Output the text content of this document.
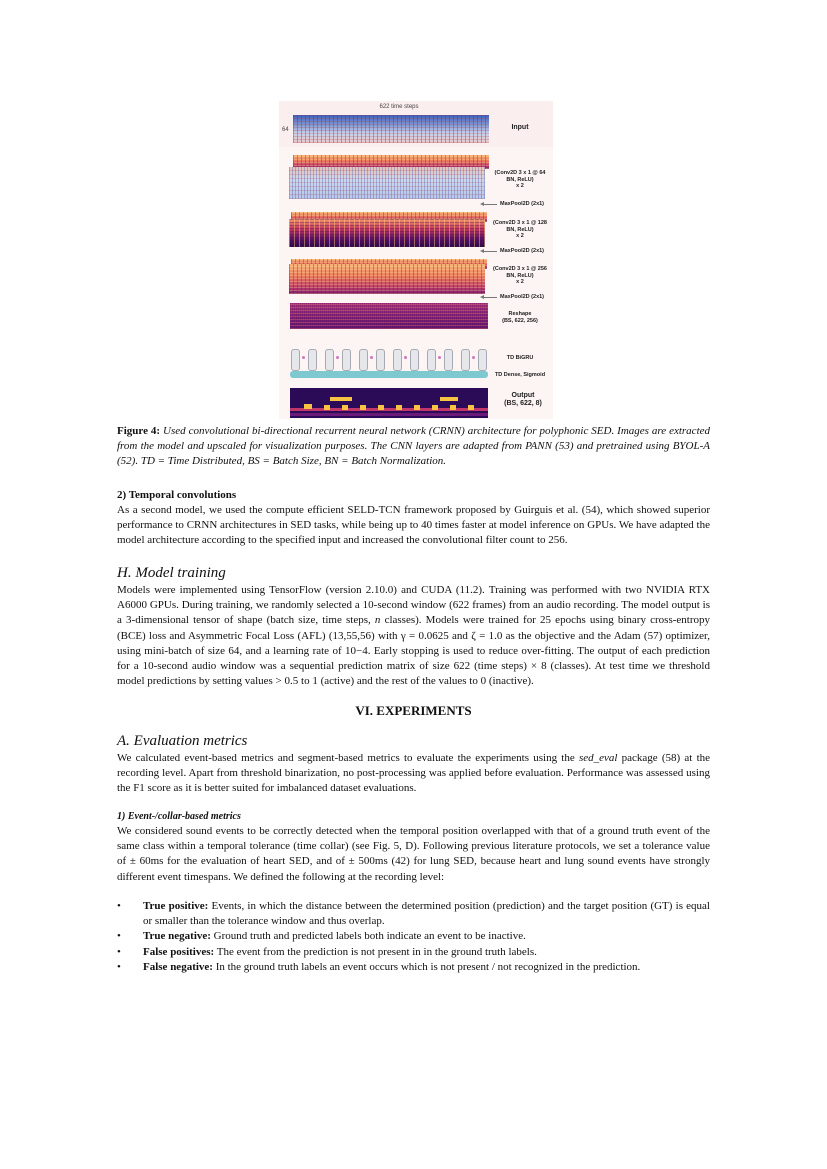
622 time steps
64	Input
(Conv2D 3 x 1 @ 64
BN, ReLU)
x 2
MaxPool2D (2x1)
(Conv2D 3 x 1 @ 128
BN, ReLU)
x 2
MaxPool2D (2x1)
(Conv2D 3 x 1 @ 256
BN, ReLU)
x 2
MaxPool2D (2x1)
Reshape
(BS, 622, 256)
TD BiGRU
TD Dense, Sigmoid
Output
(BS, 622, 8)
Figure 4: Used convolutional bi-directional recurrent neural network (CRNN) architecture for polyphonic SED. Images are extracted from the model and upscaled for visualization purposes. The CNN layers are adapted from PANN (53) and pretrained using BYOL-A (52). TD = Time Distributed, BS = Batch Size, BN = Batch Normalization.
2) Temporal convolutions
As a second model, we used the compute efficient SELD-TCN framework proposed by Guirguis et al. (54), which showed superior performance to CRNN architectures in SED tasks, while being up to 40 times faster at model inference on GPUs. We have adapted the model architecture according to the specified input and increased the convolutional filter count to 256.
H. Model training
Models were implemented using TensorFlow (version 2.10.0) and CUDA (11.2). Training was performed with two NVIDIA RTX A6000 GPUs. During training, we randomly selected a 10-second window (622 frames) from an audio recording. The model output is a 3-dimensional tensor of shape (batch size, time steps, n classes). Models were trained for 25 epochs using binary cross-entropy (BCE) loss and Asymmetric Focal Loss (AFL) (13,55,56) with γ = 0.0625 and ζ = 1.0 as the objective and the Adam (57) optimizer, using mini-batch of size 64, and a learning rate of 10−4. Early stopping is used to reduce over-fitting. The output of each prediction for a 10-second audio window was a sequential prediction matrix of size 622 (time steps) × 8 (classes). At test time we threshold model predictions by setting values > 0.5 to 1 (active) and the rest of the values to 0 (inactive).
VI. EXPERIMENTS
A. Evaluation metrics
We calculated event-based metrics and segment-based metrics to evaluate the experiments using the sed_eval package (58) at the recording level. Apart from threshold binarization, no post-processing was applied before evaluation. Performance was assessed using the F1 score as it is better suited for imbalanced dataset evaluations.
1) Event-/collar-based metrics
We considered sound events to be correctly detected when the temporal position overlapped with that of a ground truth event of the same class within a temporal tolerance (time collar) (see Fig. 5, D). Following previous literature protocols, we set a tolerance value of ± 60ms for the evaluation of heart SED, and of ± 500ms (42) for lung SED, because heart and lung sound events have strongly different event timespans. We defined the following at the recording level:
• True positive: Events, in which the distance between the determined position (prediction) and the target position (GT) is equal or smaller than the tolerance window and thus overlap.
• True negative: Ground truth and predicted labels both indicate an event to be inactive.
• False positives: The event from the prediction is not present in in the ground truth labels.
• False negative: In the ground truth labels an event occurs which is not present / not recognized in the prediction.
